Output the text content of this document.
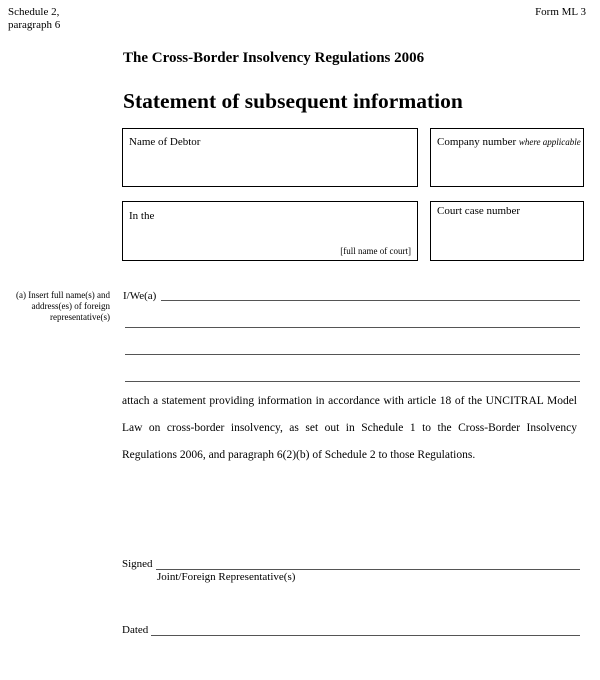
Schedule 2,
paragraph 6
Form ML 3
The Cross-Border Insolvency Regulations 2006
Statement of subsequent information
Name of Debtor	Company number where applicable
In the
[full name of court]
Court case number
(a) Insert full name(s) and
address(es) of foreign
representative(s)
I/We(a)
attach a statement providing information in accordance with article 18 of the UNCITRAL Model
Law on cross-border insolvency, as set out in Schedule 1 to the Cross-Border Insolvency
Regulations 2006, and paragraph 6(2)(b) of Schedule 2 to those Regulations.
Signed
Joint/Foreign Representative(s)
Dated
